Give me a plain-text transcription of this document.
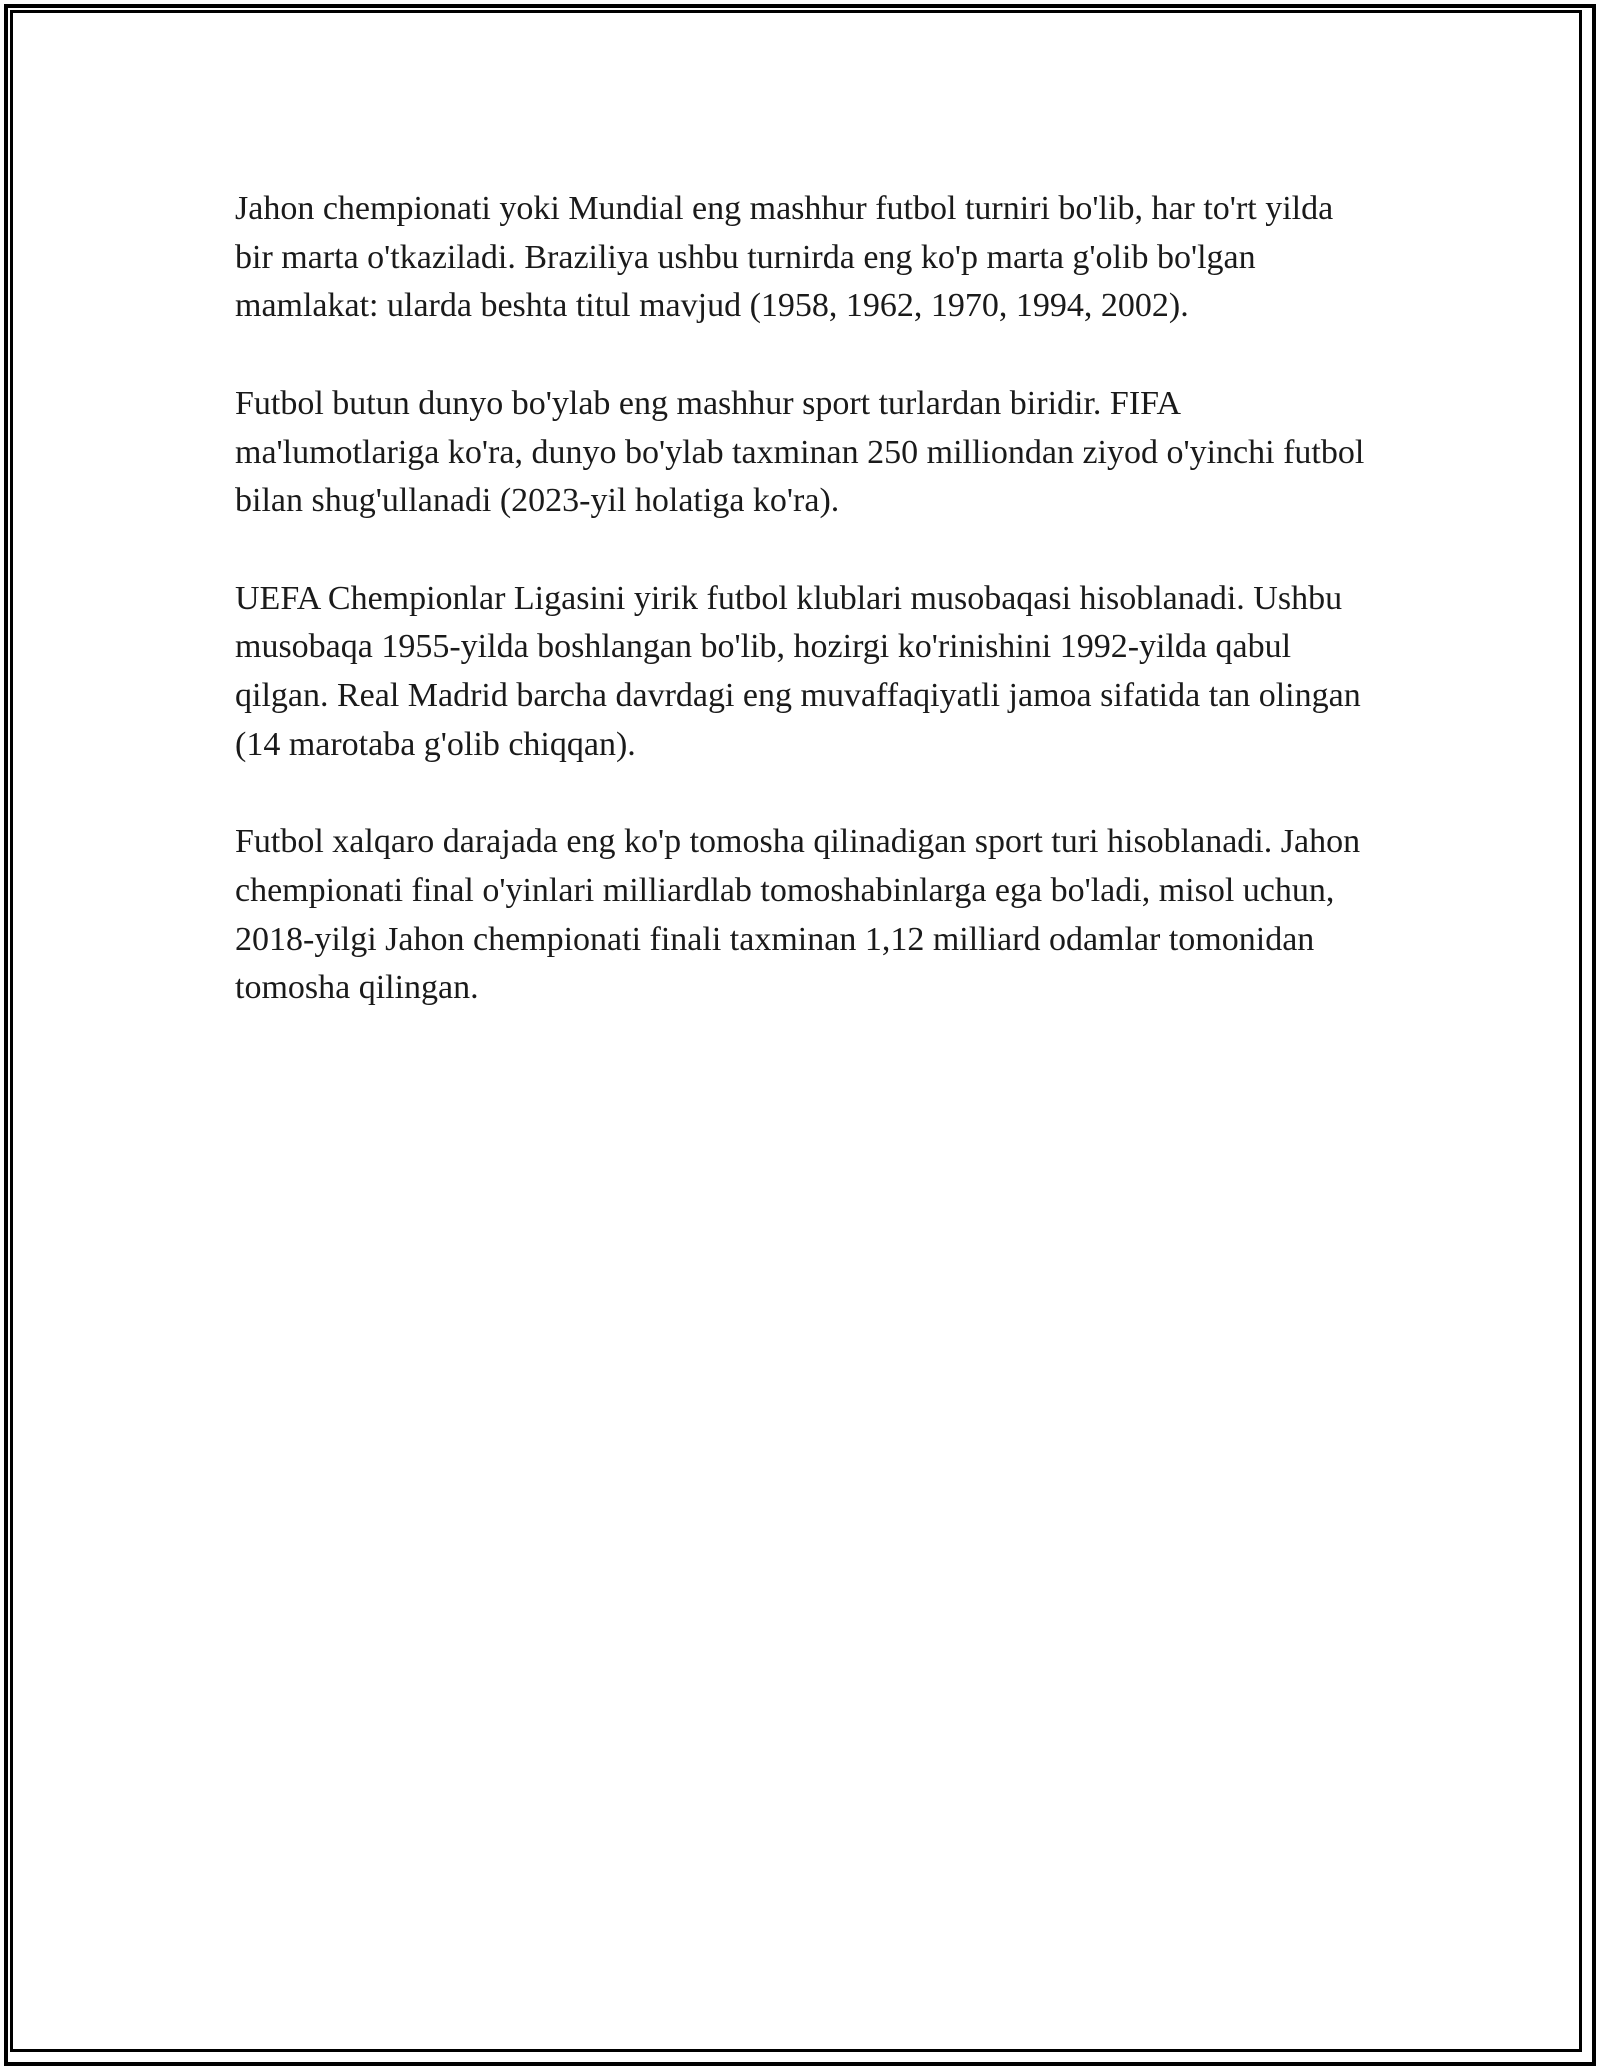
Jahon chempionati yoki Mundial eng mashhur futbol turniri bo'lib, har to'rt yilda bir marta o'tkaziladi. Braziliya ushbu turnirda eng ko'p marta g'olib bo'lgan mamlakat: ularda beshta titul mavjud (1958, 1962, 1970, 1994, 2002).

Futbol butun dunyo bo'ylab eng mashhur sport turlardan biridir. FIFA ma'lumotlariga ko'ra, dunyo bo'ylab taxminan 250 milliondan ziyod o'yinchi futbol bilan shug'ullanadi (2023-yil holatiga ko'ra).

UEFA Chempionlar Ligasini yirik futbol klublari musobaqasi hisoblanadi. Ushbu musobaqa 1955-yilda boshlangan bo'lib, hozirgi ko'rinishini 1992-yilda qabul qilgan. Real Madrid barcha davrdagi eng muvaffaqiyatli jamoa sifatida tan olingan (14 marotaba g'olib chiqqan).

Futbol xalqaro darajada eng ko'p tomosha qilinadigan sport turi hisoblanadi. Jahon chempionati final o'yinlari milliardlab tomoshabinlarga ega bo'ladi, misol uchun, 2018-yilgi Jahon chempionati finali taxminan 1,12 milliard odamlar tomonidan tomosha qilingan.
